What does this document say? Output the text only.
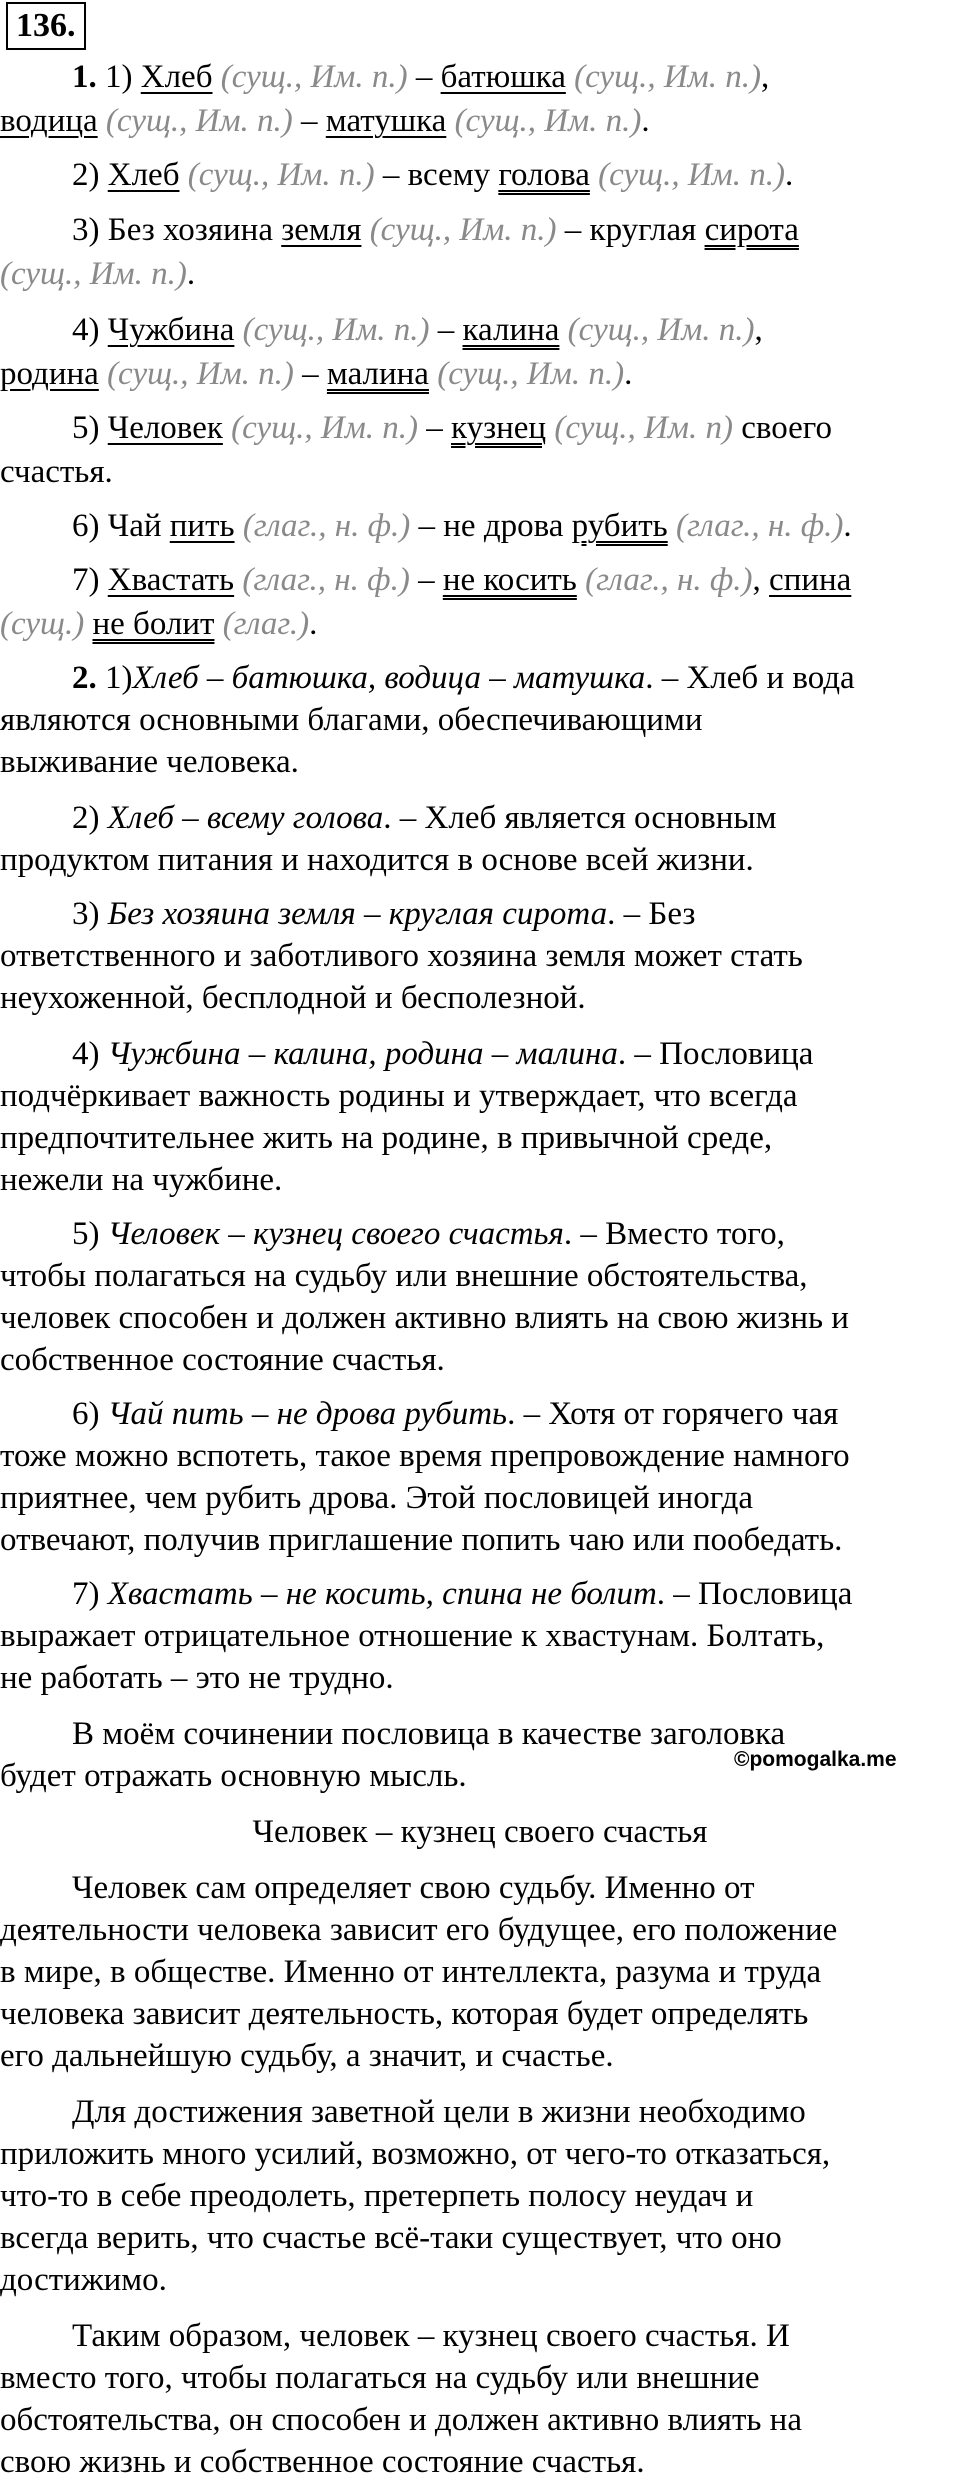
136.
1. 1) Хлеб (сущ., Им. п.) – батюшка (сущ., Им. п.),
водица (сущ., Им. п.) – матушка (сущ., Им. п.).
2) Хлеб (сущ., Им. п.) – всему голова (сущ., Им. п.).
3) Без хозяина земля (сущ., Им. п.) – круглая сирота
(сущ., Им. п.).
4) Чужбина (сущ., Им. п.) – калина (сущ., Им. п.),
родина (сущ., Им. п.) – малина (сущ., Им. п.).
5) Человек (сущ., Им. п.) – кузнец (сущ., Им. п) своего
счастья.
6) Чай пить (глаг., н. ф.) – не дрова рубить (глаг., н. ф.).
7) Хвастать (глаг., н. ф.) – не косить (глаг., н. ф.), спина
(сущ.) не болит (глаг.).
2. 1)Хлеб – батюшка, водица – матушка. – Хлеб и вода
являются основными благами, обеспечивающими
выживание человека.
2) Хлеб – всему голова. – Хлеб является основным
продуктом питания и находится в основе всей жизни.
3) Без хозяина земля – круглая сирота. – Без
ответственного и заботливого хозяина земля может стать
неухоженной, бесплодной и бесполезной.
4) Чужбина – калина, родина – малина. – Пословица
подчёркивает важность родины и утверждает, что всегда
предпочтительнее жить на родине, в привычной среде,
нежели на чужбине.
5) Человек – кузнец своего счастья. – Вместо того,
чтобы полагаться на судьбу или внешние обстоятельства,
человек способен и должен активно влиять на свою жизнь и
собственное состояние счастья.
6) Чай пить – не дрова рубить. – Хотя от горячего чая
тоже можно вспотеть, такое время препровождение намного
приятнее, чем рубить дрова. Этой пословицей иногда
отвечают, получив приглашение попить чаю или пообедать.
7) Хвастать – не косить, спина не болит. – Пословица
выражает отрицательное отношение к хвастунам. Болтать,
не работать – это не трудно.
В моём сочинении пословица в качестве заголовка
будет отражать основную мысль.	©pomogalka.me
Человек – кузнец своего счастья
Человек сам определяет свою судьбу. Именно от
деятельности человека зависит его будущее, его положение
в мире, в обществе. Именно от интеллекта, разума и труда
человека зависит деятельность, которая будет определять
его дальнейшую судьбу, а значит, и счастье.
Для достижения заветной цели в жизни необходимо
приложить много усилий, возможно, от чего-то отказаться,
что-то в себе преодолеть, претерпеть полосу неудач и
всегда верить, что счастье всё-таки существует, что оно
достижимо.
Таким образом, человек – кузнец своего счастья. И
вместо того, чтобы полагаться на судьбу или внешние
обстоятельства, он способен и должен активно влиять на
свою жизнь и собственное состояние счастья.
